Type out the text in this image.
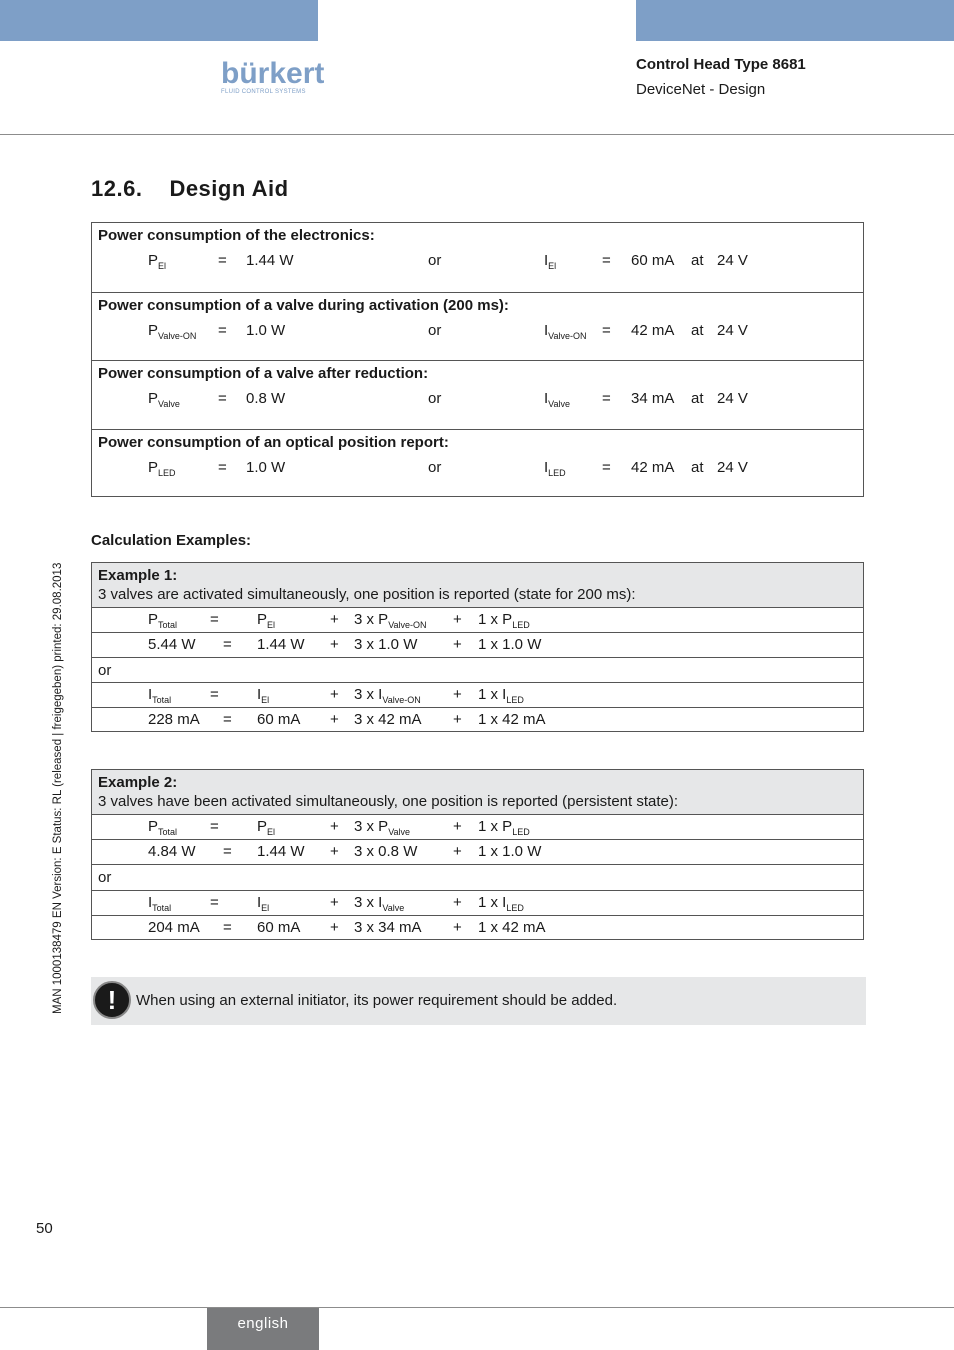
bürkert
FLUID CONTROL SYSTEMS
Control Head Type 8681
DeviceNet - Design
12.6. Design Aid
Power consumption of the electronics:
$P_{El}$	= 1.44 W	or	$I_{El}$	= 60 mA at 24 V
Power consumption of a valve during activation (200 ms):
$P_{Valve-ON} = 1.0$ W	or	$I_{Valve-ON} = 42$ mA at 24 V
Power consumption of a valve after reduction:
$P_{Valve}$	= 0.8 W	or	$I_{Valve} = 34$ mA at 24 V
Power consumption of an optical position report:
$P_{LED}$	= 1.0 W	or	$I_{LED} = 42$ mA at 24 V
Calculation Examples:
Example 1:
3 valves are activated simultaneously, one position is reported (state for 200 ms):
$P_{Total}$ =	$P_{El}$	+ 3 x $P_{Valve-ON} + 1$ x $P_{LED}$
5.44 W = 1.44 W + 3 x 1.0 W + 1 x 1.0 W
or
$I_{Total}$	=	$I_{El}$	+ 3 x $I_{Valve-ON} + 1$ x $I_{LED}$
228 mA = 60 mA + 3 x 42 mA + 1 x 42 mA
Example 2:
3 valves have been activated simultaneously, one position is reported (persistent state):
$P_{Total}$ =	$P_{El}$	+ 3 x $P_{Valve}$	+ 1 x $P_{LED}$
4.84 W = 1.44 W + 3 x 0.8 W + 1 x 1.0 W
or
$I_{Total}$	=	$I_{El}$	+ 3 x $I_{Valve}$	+ 1 x $I_{LED}$
204 mA = 60 mA + 3 x 34 mA + 1 x 42 mA
!	When using an external initiator, its power requirement should be added.
MAN 1000138479 EN Version: E Status: RL (released | freigegeben) printed: 29.08.2013
50
english
